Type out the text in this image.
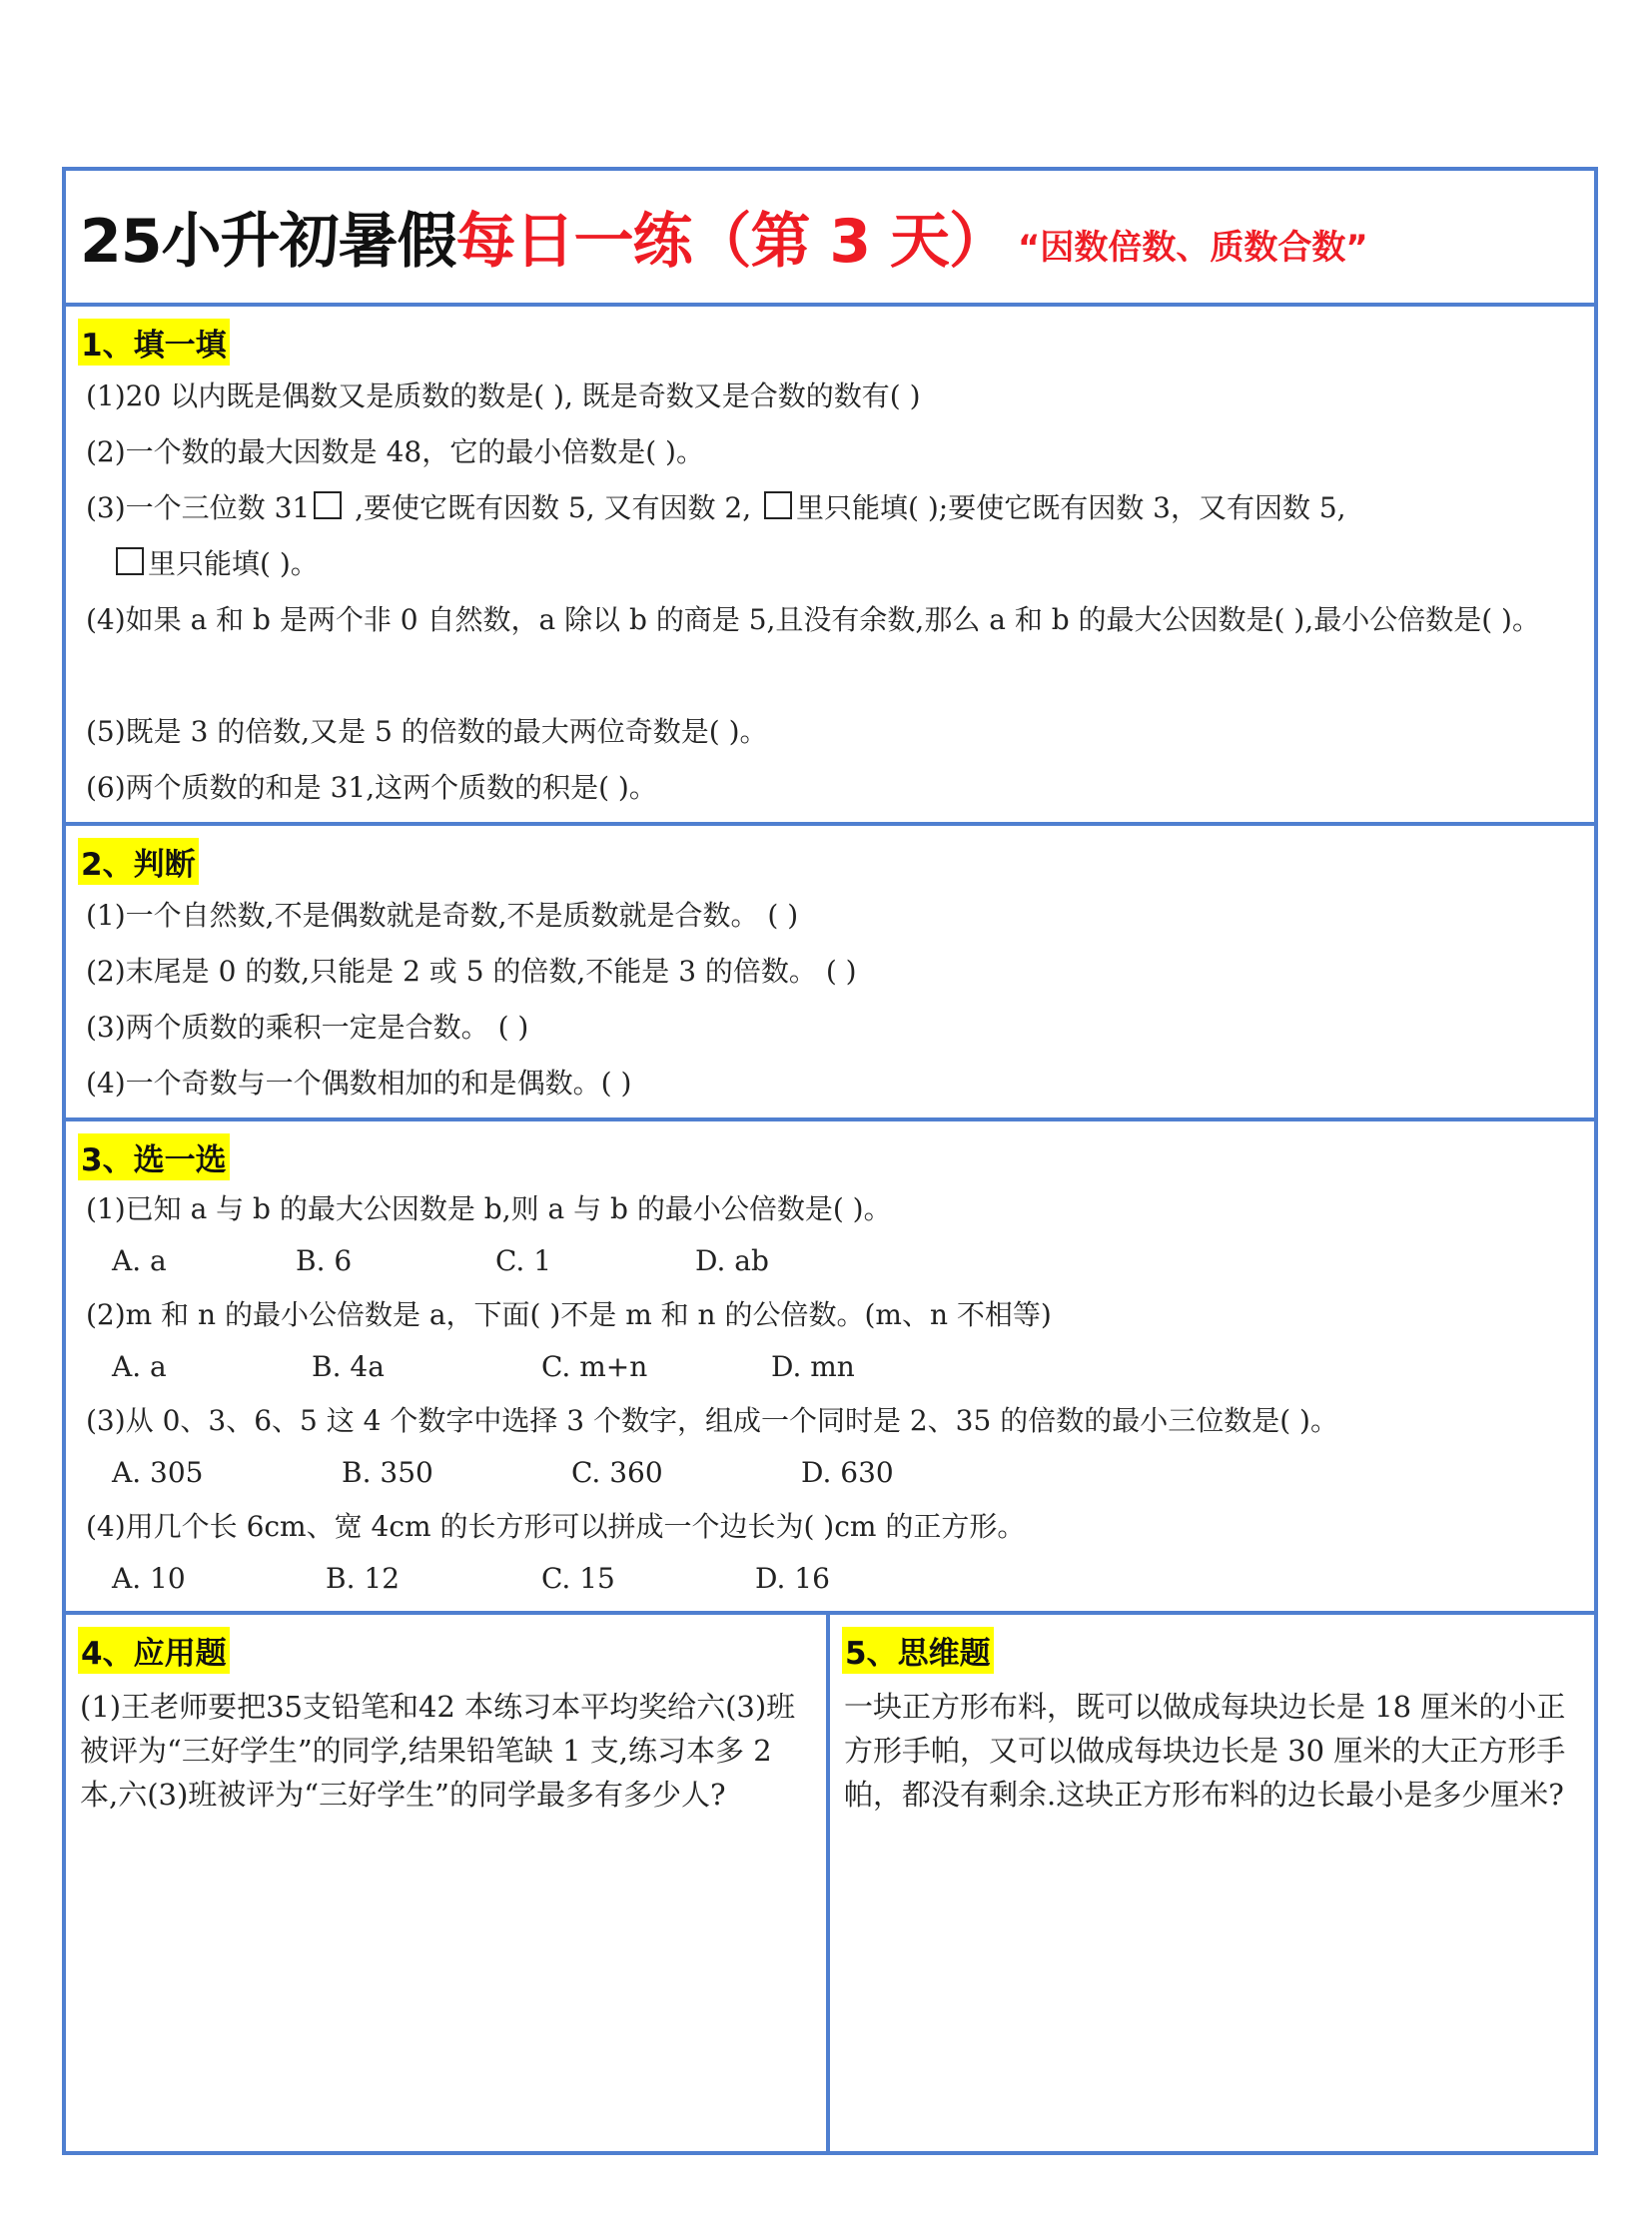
25小升初暑假 每日一练（第 3 天） “因数倍数、质数合数”
1、填一填
(1)20 以内既是偶数又是质数的数是( ), 既是奇数又是合数的数有( )
(2)一个数的最大因数是 48，它的最小倍数是( )。
(3)一个三位数 31 ,要使它既有因数 5, 又有因数 2, 里只能填( );要使它既有因数 3，又有因数 5,
里只能填( )。
(4)如果 a 和 b 是两个非 0 自然数，a 除以 b 的商是 5,且没有余数,那么 a 和 b 的最大公因数是( ),最小公倍数是( )。
(5)既是 3 的倍数,又是 5 的倍数的最大两位奇数是( )。
(6)两个质数的和是 31,这两个质数的积是( )。
2、判断
(1)一个自然数,不是偶数就是奇数,不是质数就是合数。 ( )
(2)末尾是 0 的数,只能是 2 或 5 的倍数,不能是 3 的倍数。 ( )
(3)两个质数的乘积一定是合数。 ( )
(4)一个奇数与一个偶数相加的和是偶数。( )
3、选一选
(1)已知 a 与 b 的最大公因数是 b,则 a 与 b 的最小公倍数是( )。
A. a	B. 6	C. 1	D. ab
(2)m 和 n 的最小公倍数是 a，下面( )不是 m 和 n 的公倍数。(m、n 不相等)
A. a	B. 4a	C. m+n	D. mn
(3)从 0、3、6、5 这 4 个数字中选择 3 个数字，组成一个同时是 2、35 的倍数的最小三位数是( )。
A. 305	B. 350	C. 360	D. 630
(4)用几个长 6cm、宽 4cm 的长方形可以拼成一个边长为( )cm 的正方形。
A. 10	B. 12	C. 15	D. 16
4、应用题
(1)王老师要把35支铅笔和42 本练习本平均奖给六(3)班被评为“三好学生”的同学,结果铅笔缺 1 支,练习本多 2 本,六(3)班被评为“三好学生”的同学最多有多少人?
5、思维题
一块正方形布料，既可以做成每块边长是 18 厘米的小正方形手帕，又可以做成每块边长是 30 厘米的大正方形手帕，都没有剩余.这块正方形布料的边长最小是多少厘米?
